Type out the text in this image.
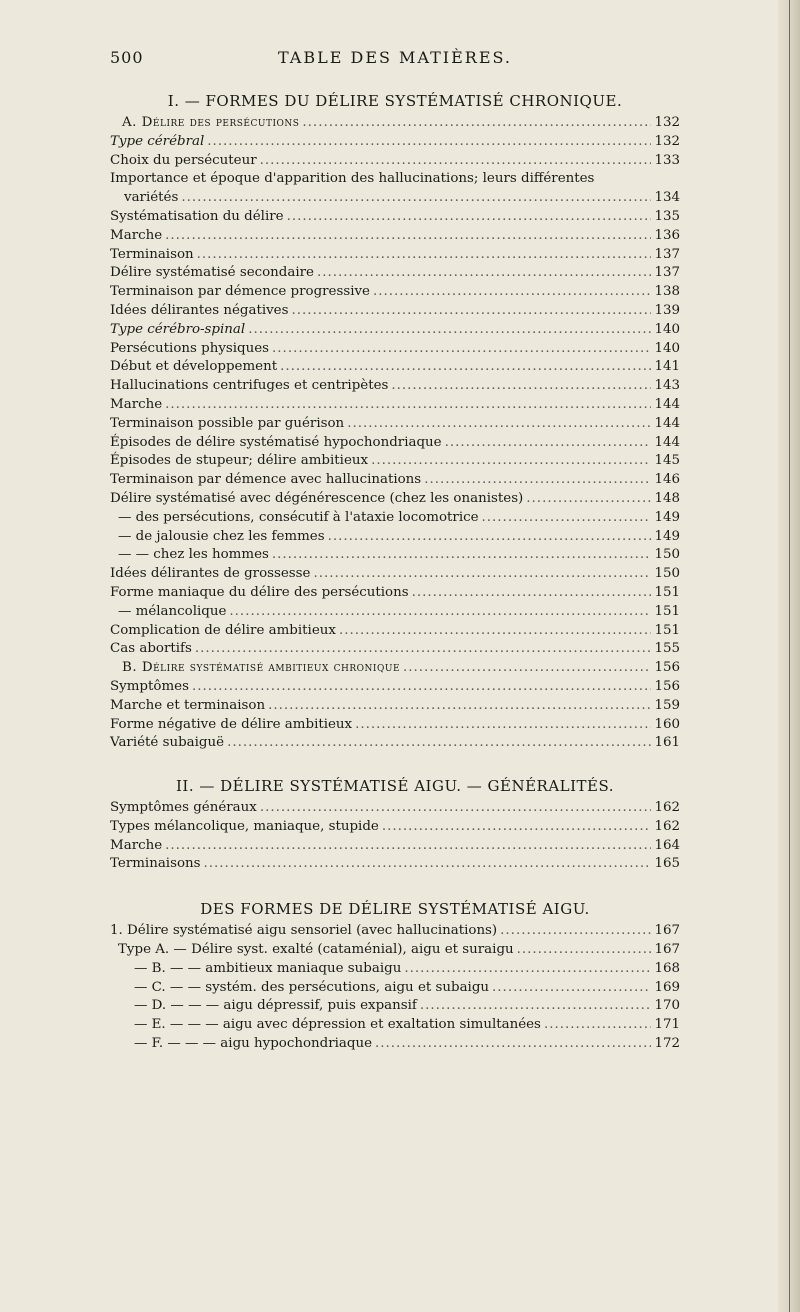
500	TABLE DES MATIÈRES.
I. — FORMES DU DÉLIRE SYSTÉMATISÉ CHRONIQUE.
A. Délire des persécutions .....	132
Type cérébral .....	132
Choix du persécuteur .....	133
Importance et époque d'apparition des hallucinations; leurs différentes
variétés .....	134
Systématisation du délire .....	135
Marche .....	136
Terminaison .....	137
Délire systématisé secondaire .....	137
Terminaison par démence progressive .....	138
Idées délirantes négatives .....	139
Type cérébro-spinal .....	140
Persécutions physiques .....	140
Début et développement .....	141
Hallucinations centrifuges et centripètes .....	143
Marche .....	144
Terminaison possible par guérison .....	144
Épisodes de délire systématisé hypochondriaque .....	144
Épisodes de stupeur; délire ambitieux .....	145
Terminaison par démence avec hallucinations .....	146
Délire systématisé avec dégénérescence (chez les onanistes) .....	148
— des persécutions, consécutif à l'ataxie locomotrice .....	149
— de jalousie chez les femmes .....	149
— — chez les hommes .....	150
Idées délirantes de grossesse .....	150
Forme maniaque du délire des persécutions .....	151
— mélancolique .....	151
Complication de délire ambitieux .....	151
Cas abortifs .....	155
B. Délire systématisé ambitieux chronique .....	156
Symptômes .....	156
Marche et terminaison .....	159
Forme négative de délire ambitieux .....	160
Variété subaiguë .....	161
II. — DÉLIRE SYSTÉMATISÉ AIGU. — GÉNÉRALITÉS.
Symptômes généraux .....	162
Types mélancolique, maniaque, stupide .....	162
Marche .....	164
Terminaisons .....	165
DES FORMES DE DÉLIRE SYSTÉMATISÉ AIGU.
1. Délire systématisé aigu sensoriel (avec hallucinations) .....	167
Type A. — Délire syst. exalté (cataménial), aigu et suraigu .....	167
— B. — — ambitieux maniaque subaigu .....	168
— C. — — systém. des persécutions, aigu et subaigu .....	169
— D. — — — aigu dépressif, puis expansif .....	170
— E. — — — aigu avec dépression et exaltation simultanées .....	171
— F. — — — aigu hypochondriaque .....	172
